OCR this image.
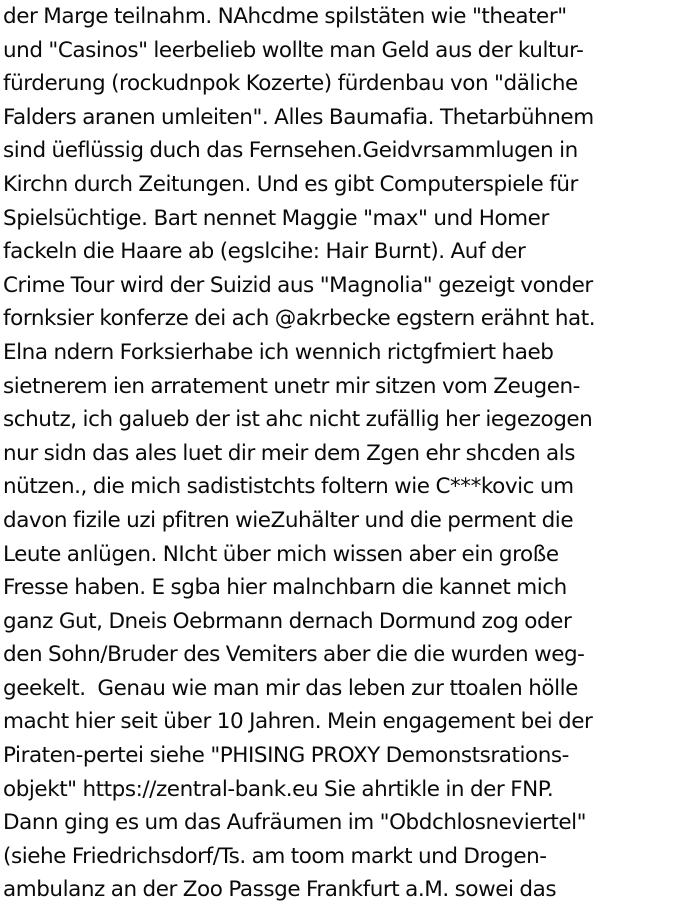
der Marge teilnahm. NAhcdme spilstäten wie "theater"
und "Casinos" leerbelieb wollte man Geld aus der kultur-
fürderung (rockudnpok Kozerte) fürdenbau von "däliche
Falders aranen umleiten". Alles Baumafia. Thetarbühnem
sind üeflüssig duch das Fernsehen.Geidvrsammlugen in
Kirchn durch Zeitungen. Und es gibt Computerspiele für
Spielsüchtige. Bart nennet Maggie "max" und Homer
fackeln die Haare ab (egslcihe: Hair Burnt). Auf der
Crime Tour wird der Suizid aus "Magnolia" gezeigt vonder
fornksier konferze dei ach @akrbecke egstern erähnt hat.
Elna ndern Forksierhabe ich wennich rictgfmiert haeb
sietnerem ien arratement unetr mir sitzen vom Zeugen-
schutz, ich galueb der ist ahc nicht zufällig her iegezogen
nur sidn das ales luet dir meir dem Zgen ehr shcden als
nützen., die mich sadististchts foltern wie C***kovic um
davon fizile uzi pfitren wieZuhälter und die perment die
Leute anlügen. NIcht über mich wissen aber ein große
Fresse haben. E sgba hier malnchbarn die kannet mich
ganz Gut, Dneis Oebrmann dernach Dormund zog oder
den Sohn/Bruder des Vemiters aber die die wurden weg-
geekelt.  Genau wie man mir das leben zur ttoalen hölle
macht hier seit über 10 Jahren. Mein engagement bei der
Piraten-pertei siehe "PHISING PROXY Demonstsrations-
objekt" https://zentral-bank.eu Sie ahrtikle in der FNP.
Dann ging es um das Aufräumen im "Obdchlosneviertel"
(siehe Friedrichsdorf/Ts. am toom markt und Drogen-
ambulanz an der Zoo Passge Frankfurt a.M. sowei das
